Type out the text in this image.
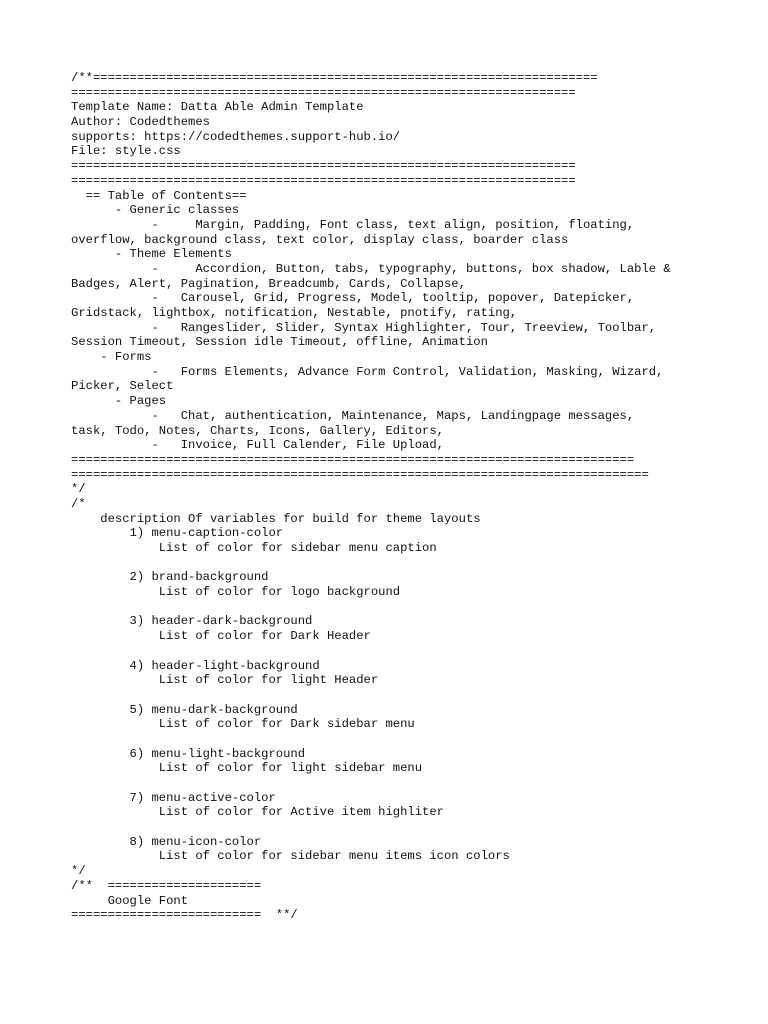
/**=====================================================================
=====================================================================
Template Name: Datta Able Admin Template
Author: Codedthemes
supports: https://codedthemes.support-hub.io/
File: style.css
=====================================================================
=====================================================================
== Table of Contents==
- Generic classes
-     Margin, Padding, Font class, text align, position, floating,
overflow, background class, text color, display class, boarder class
- Theme Elements
-     Accordion, Button, tabs, typography, buttons, box shadow, Lable &
Badges, Alert, Pagination, Breadcumb, Cards, Collapse,
-   Carousel, Grid, Progress, Model, tooltip, popover, Datepicker,
Gridstack, lightbox, notification, Nestable, pnotify, rating,
-   Rangeslider, Slider, Syntax Highlighter, Tour, Treeview, Toolbar,
Session Timeout, Session idle Timeout, offline, Animation
- Forms
-   Forms Elements, Advance Form Control, Validation, Masking, Wizard,
Picker, Select
- Pages
-   Chat, authentication, Maintenance, Maps, Landingpage messages,
task, Todo, Notes, Charts, Icons, Gallery, Editors,
-   Invoice, Full Calender, File Upload,
=============================================================================
===============================================================================
*/
/*
description Of variables for build for theme layouts
1) menu-caption-color
List of color for sidebar menu caption
2) brand-background
List of color for logo background
3) header-dark-background
List of color for Dark Header
4) header-light-background
List of color for light Header
5) menu-dark-background
List of color for Dark sidebar menu
6) menu-light-background
List of color for light sidebar menu
7) menu-active-color
List of color for Active item highliter
8) menu-icon-color
List of color for sidebar menu items icon colors
*/
/**  =====================
Google Font
==========================  **/
